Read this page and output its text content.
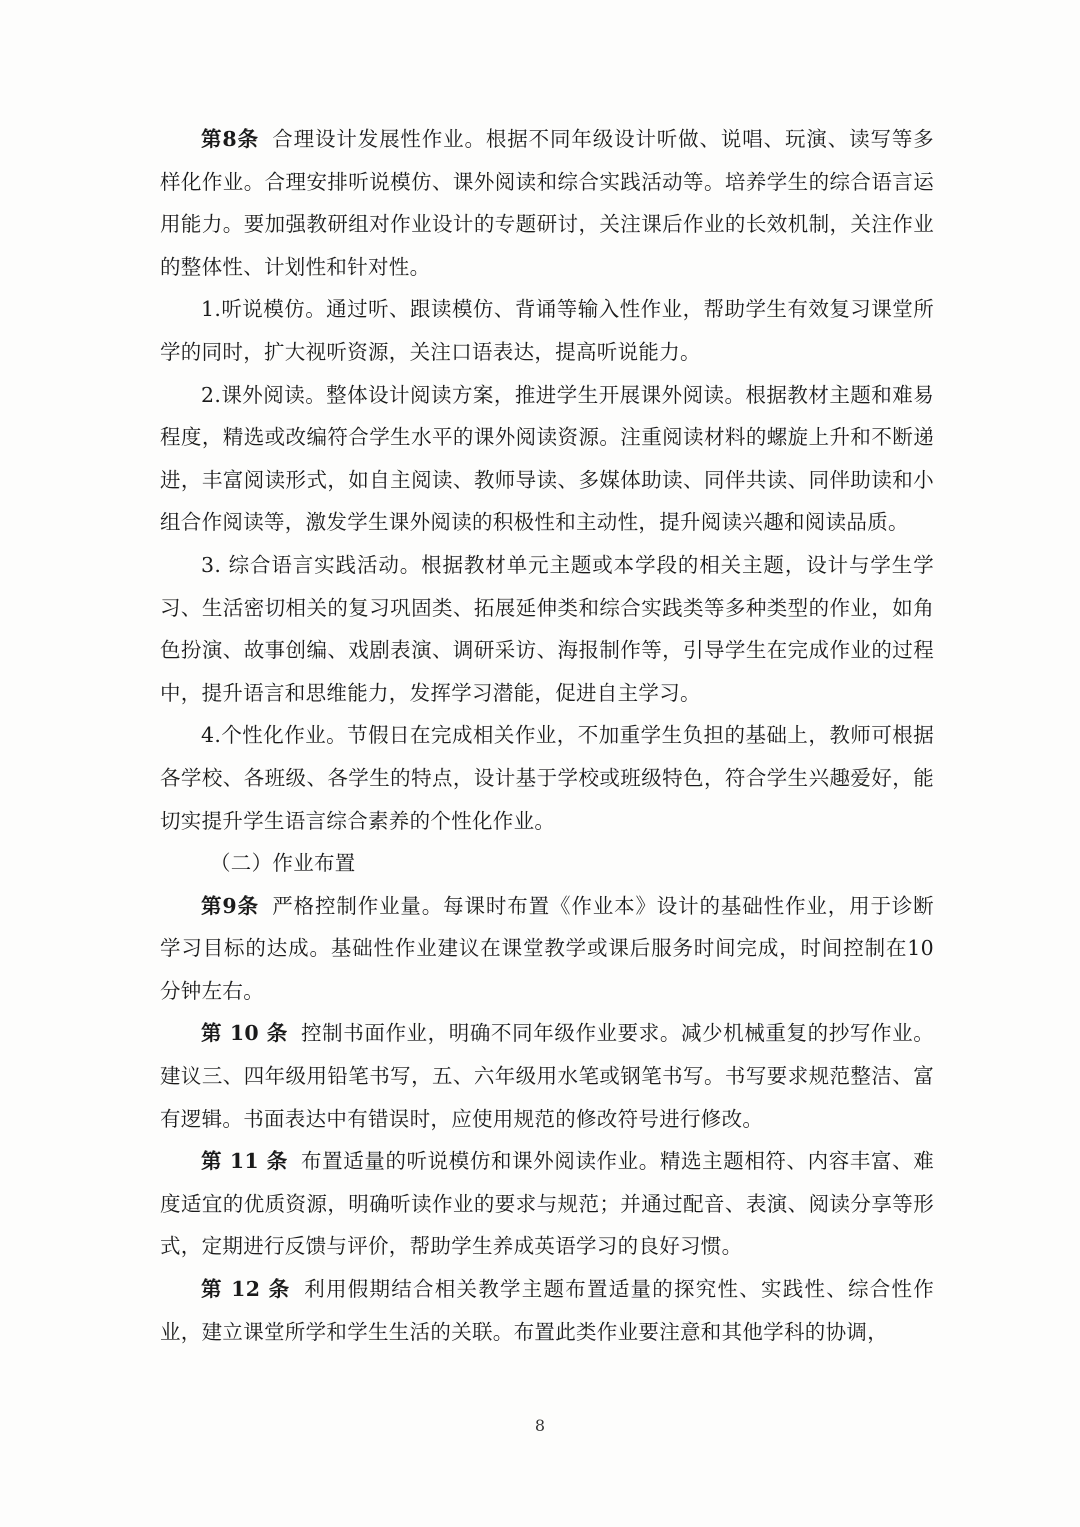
第8条 合理设计发展性作业。根据不同年级设计听做、说唱、玩演、读写等多样化作业。合理安排听说模仿、课外阅读和综合实践活动等。培养学生的综合语言运用能力。要加强教研组对作业设计的专题研讨，关注课后作业的长效机制，关注作业的整体性、计划性和针对性。

1.听说模仿。通过听、跟读模仿、背诵等输入性作业，帮助学生有效复习课堂所学的同时，扩大视听资源，关注口语表达，提高听说能力。

2.课外阅读。整体设计阅读方案，推进学生开展课外阅读。根据教材主题和难易程度，精选或改编符合学生水平的课外阅读资源。注重阅读材料的螺旋上升和不断递进，丰富阅读形式，如自主阅读、教师导读、多媒体助读、同伴共读、同伴助读和小组合作阅读等，激发学生课外阅读的积极性和主动性，提升阅读兴趣和阅读品质。

3. 综合语言实践活动。根据教材单元主题或本学段的相关主题，设计与学生学习、生活密切相关的复习巩固类、拓展延伸类和综合实践类等多种类型的作业，如角色扮演、故事创编、戏剧表演、调研采访、海报制作等，引导学生在完成作业的过程中，提升语言和思维能力，发挥学习潜能，促进自主学习。

4.个性化作业。节假日在完成相关作业，不加重学生负担的基础上，教师可根据各学校、各班级、各学生的特点，设计基于学校或班级特色，符合学生兴趣爱好，能切实提升学生语言综合素养的个性化作业。

（二）作业布置

第9条 严格控制作业量。每课时布置《作业本》设计的基础性作业，用于诊断学习目标的达成。基础性作业建议在课堂教学或课后服务时间完成，时间控制在10分钟左右。

第 10 条 控制书面作业，明确不同年级作业要求。减少机械重复的抄写作业。建议三、四年级用铅笔书写，五、六年级用水笔或钢笔书写。书写要求规范整洁、富有逻辑。书面表达中有错误时，应使用规范的修改符号进行修改。

第 11 条 布置适量的听说模仿和课外阅读作业。精选主题相符、内容丰富、难度适宜的优质资源，明确听读作业的要求与规范；并通过配音、表演、阅读分享等形式，定期进行反馈与评价，帮助学生养成英语学习的良好习惯。

第 12 条 利用假期结合相关教学主题布置适量的探究性、实践性、综合性作业，建立课堂所学和学生生活的关联。布置此类作业要注意和其他学科的协调，

8
